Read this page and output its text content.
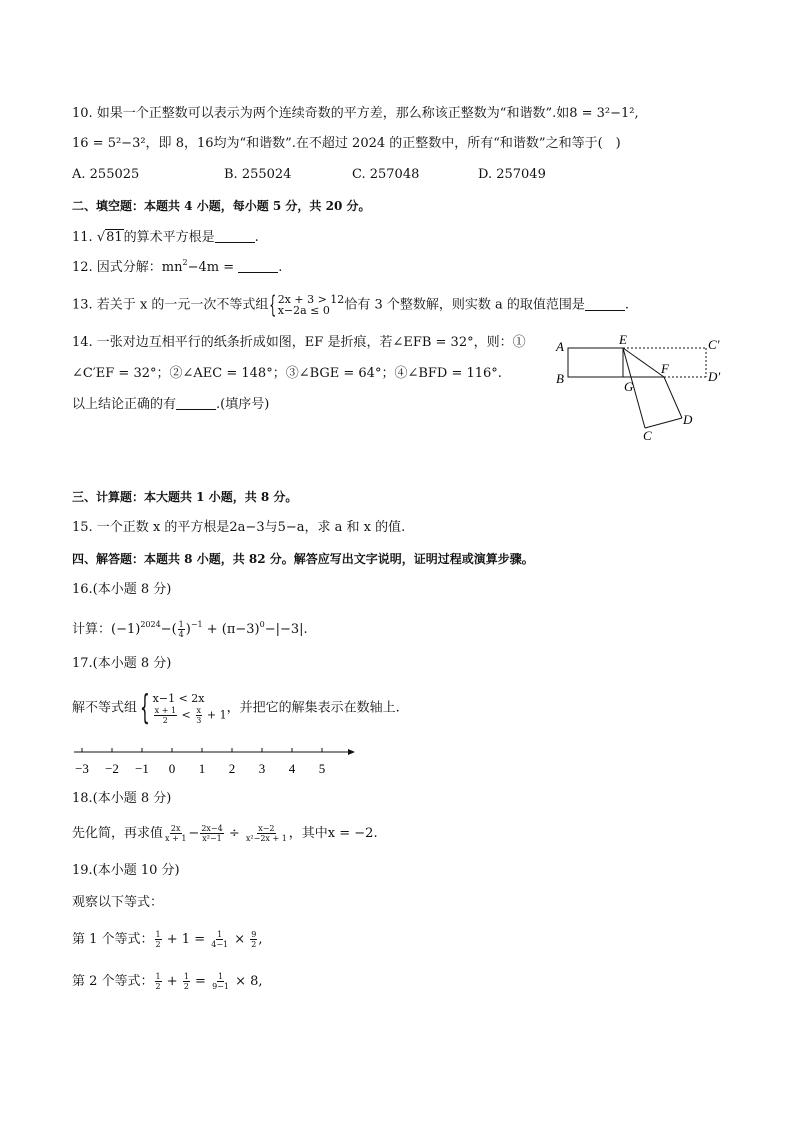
10. 如果一个正整数可以表示为两个连续奇数的平方差，那么称该正整数为“和谐数”.如8 = 3²−1²,
16 = 5²−3²，即 8，16均为“和谐数”.在不超过 2024 的正整数中，所有“和谐数”之和等于(　)
A. 255025	B. 255024	C. 257048	D. 257049
二、填空题：本题共 4 小题，每小题 5 分，共 20 分。
11. √81的算术平方根是	.
12. 因式分解：$mn^2-4m$ =	.
13. 若关于 x 的一元一次不等式组{ 2x + 3 > 12
x−2a ≤ 0	恰有 3 个整数解，则实数 a 的取值范围是	.
14. 一张对边互相平行的纸条折成如图，EF 是折痕，若∠EFB = 32°，则：①
∠C′EF = 32°；②∠AEC = 148°；③∠BGE = 64°；④∠BFD = 116°.
以上结论正确的有	.(填序号)
A
B
E
F
G
C
D
C′
D′
三、计算题：本大题共 1 小题，共 8 分。
15. 一个正数 x 的平方根是2a−3与5−a，求 a 和 x 的值.
四、解答题：本题共 8 小题，共 82 分。解答应写出文字说明，证明过程或演算步骤。
16.(本小题 8 分)
计算：$(-1)^{2024}-( \frac{1}{4} )^{-1} + (\pi-3)^0-|-3|$.
17.(本小题 8 分)
解不等式组{ x−1 < 2x
$\frac{x + 1}{2} < \frac{x}{3} + 1$ ，并把它的解集表示在数轴上.
−3 −2 −1 0 1 2 3 4 5
18.(本小题 8 分)
先化简，再求值 $\frac{2x}{x + 1} - \frac{2x-4}{\text{x²−1}} \div \frac{x-2}{\text{x²−2x + 1}}$ ，其中x = −2.
19.(本小题 10 分)
观察以下等式：
第 1 个等式： $\frac{1}{2} + 1 = \frac{1}{4-1} \times \frac{9}{2}$ ,
第 2 个等式： $\frac{1}{2} + \frac{1}{2} = \frac{1}{9-1} \times 8$,
